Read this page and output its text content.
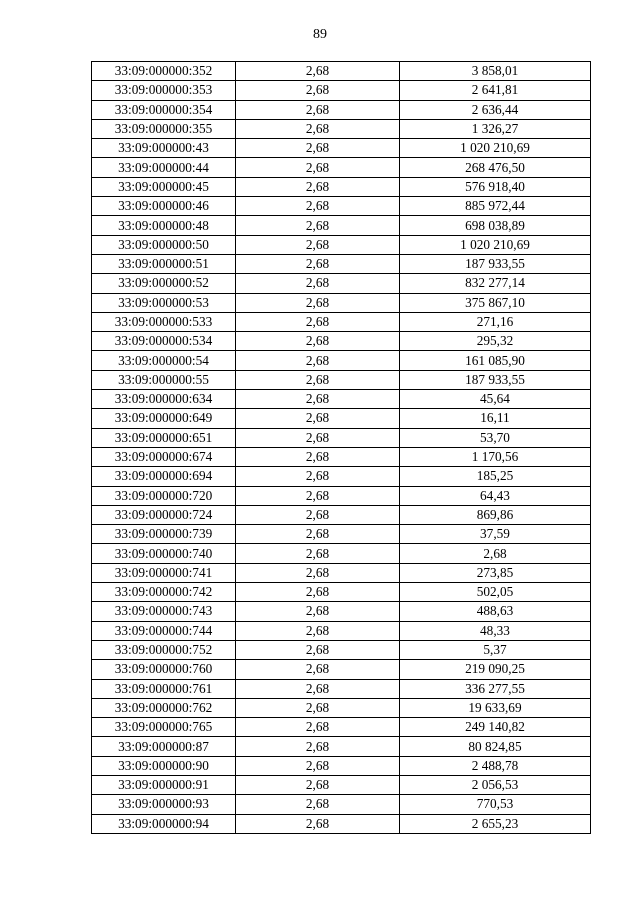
89
33:09:000000:352	2,68	3 858,01
33:09:000000:353	2,68	2 641,81
33:09:000000:354	2,68	2 636,44
33:09:000000:355	2,68	1 326,27
33:09:000000:43	2,68	1 020 210,69
33:09:000000:44	2,68	268 476,50
33:09:000000:45	2,68	576 918,40
33:09:000000:46	2,68	885 972,44
33:09:000000:48	2,68	698 038,89
33:09:000000:50	2,68	1 020 210,69
33:09:000000:51	2,68	187 933,55
33:09:000000:52	2,68	832 277,14
33:09:000000:53	2,68	375 867,10
33:09:000000:533	2,68	271,16
33:09:000000:534	2,68	295,32
33:09:000000:54	2,68	161 085,90
33:09:000000:55	2,68	187 933,55
33:09:000000:634	2,68	45,64
33:09:000000:649	2,68	16,11
33:09:000000:651	2,68	53,70
33:09:000000:674	2,68	1 170,56
33:09:000000:694	2,68	185,25
33:09:000000:720	2,68	64,43
33:09:000000:724	2,68	869,86
33:09:000000:739	2,68	37,59
33:09:000000:740	2,68	2,68
33:09:000000:741	2,68	273,85
33:09:000000:742	2,68	502,05
33:09:000000:743	2,68	488,63
33:09:000000:744	2,68	48,33
33:09:000000:752	2,68	5,37
33:09:000000:760	2,68	219 090,25
33:09:000000:761	2,68	336 277,55
33:09:000000:762	2,68	19 633,69
33:09:000000:765	2,68	249 140,82
33:09:000000:87	2,68	80 824,85
33:09:000000:90	2,68	2 488,78
33:09:000000:91	2,68	2 056,53
33:09:000000:93	2,68	770,53
33:09:000000:94	2,68	2 655,23
